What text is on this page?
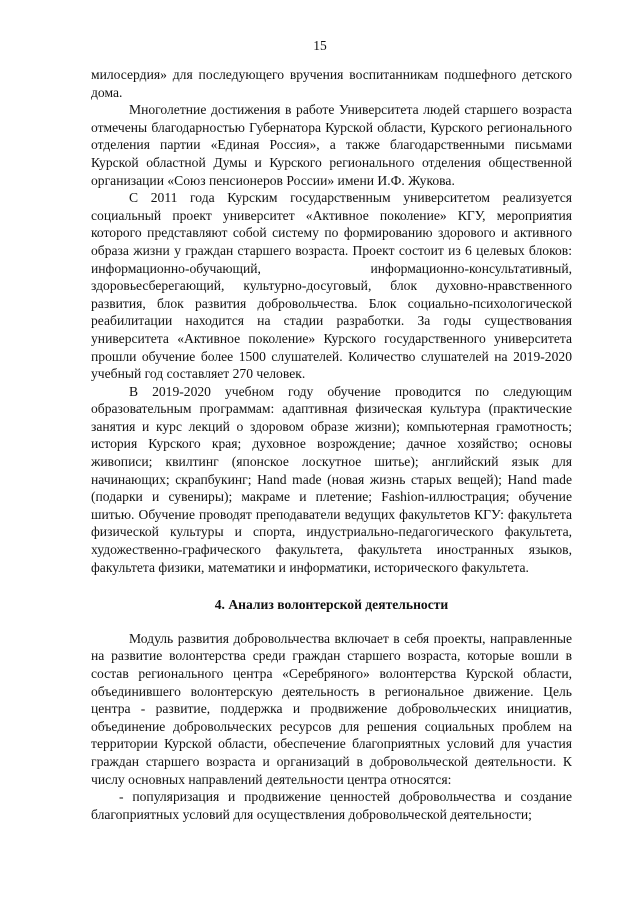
15

милосердия» для последующего вручения воспитанникам подшефного детского дома.

Многолетние достижения в работе Университета людей старшего возраста отмечены благодарностью Губернатора Курской области, Курского регионального отделения партии «Единая Россия», а также благодарственными письмами Курской областной Думы и Курского регионального отделения общественной организации «Союз пенсионеров России» имени И.Ф. Жукова.

С 2011 года Курским государственным университетом реализуется социальный проект университет «Активное поколение» КГУ, мероприятия которого представляют собой систему по формированию здорового и активного образа жизни у граждан старшего возраста. Проект состоит из 6 целевых блоков: информационно-обучающий, информационно-консультативный, здоровьесберегающий, культурно-досуговый, блок духовно-нравственного развития, блок развития добровольчества. Блок социально-психологической реабилитации находится на стадии разработки. За годы существования университета «Активное поколение» Курского государственного университета прошли обучение более 1500 слушателей. Количество слушателей на 2019-2020 учебный год составляет 270 человек.

В 2019-2020 учебном году обучение проводится по следующим образовательным программам: адаптивная физическая культура (практические занятия и курс лекций о здоровом образе жизни); компьютерная грамотность; история Курского края; духовное возрождение; дачное хозяйство; основы живописи; квилтинг (японское лоскутное шитье); английский язык для начинающих; скрапбукинг; Hand made (новая жизнь старых вещей); Hand made (подарки и сувениры); макраме и плетение; Fashion-иллюстрация; обучение шитью. Обучение проводят преподаватели ведущих факультетов КГУ: факультета физической культуры и спорта, индустриально-педагогического факультета, художественно-графического факультета, факультета иностранных языков, факультета физики, математики и информатики, исторического факультета.

4. Анализ волонтерской деятельности

Модуль развития добровольчества включает в себя проекты, направленные на развитие волонтерства среди граждан старшего возраста, которые вошли в состав регионального центра «Серебряного» волонтерства Курской области, объединившего волонтерскую деятельность в региональное движение. Цель центра - развитие, поддержка и продвижение добровольческих инициатив, объединение добровольческих ресурсов для решения социальных проблем на территории Курской области, обеспечение благоприятных условий для участия граждан старшего возраста и организаций в добровольческой деятельности. К числу основных направлений деятельности центра относятся:

- популяризация и продвижение ценностей добровольчества и создание благоприятных условий для осуществления добровольческой деятельности;
